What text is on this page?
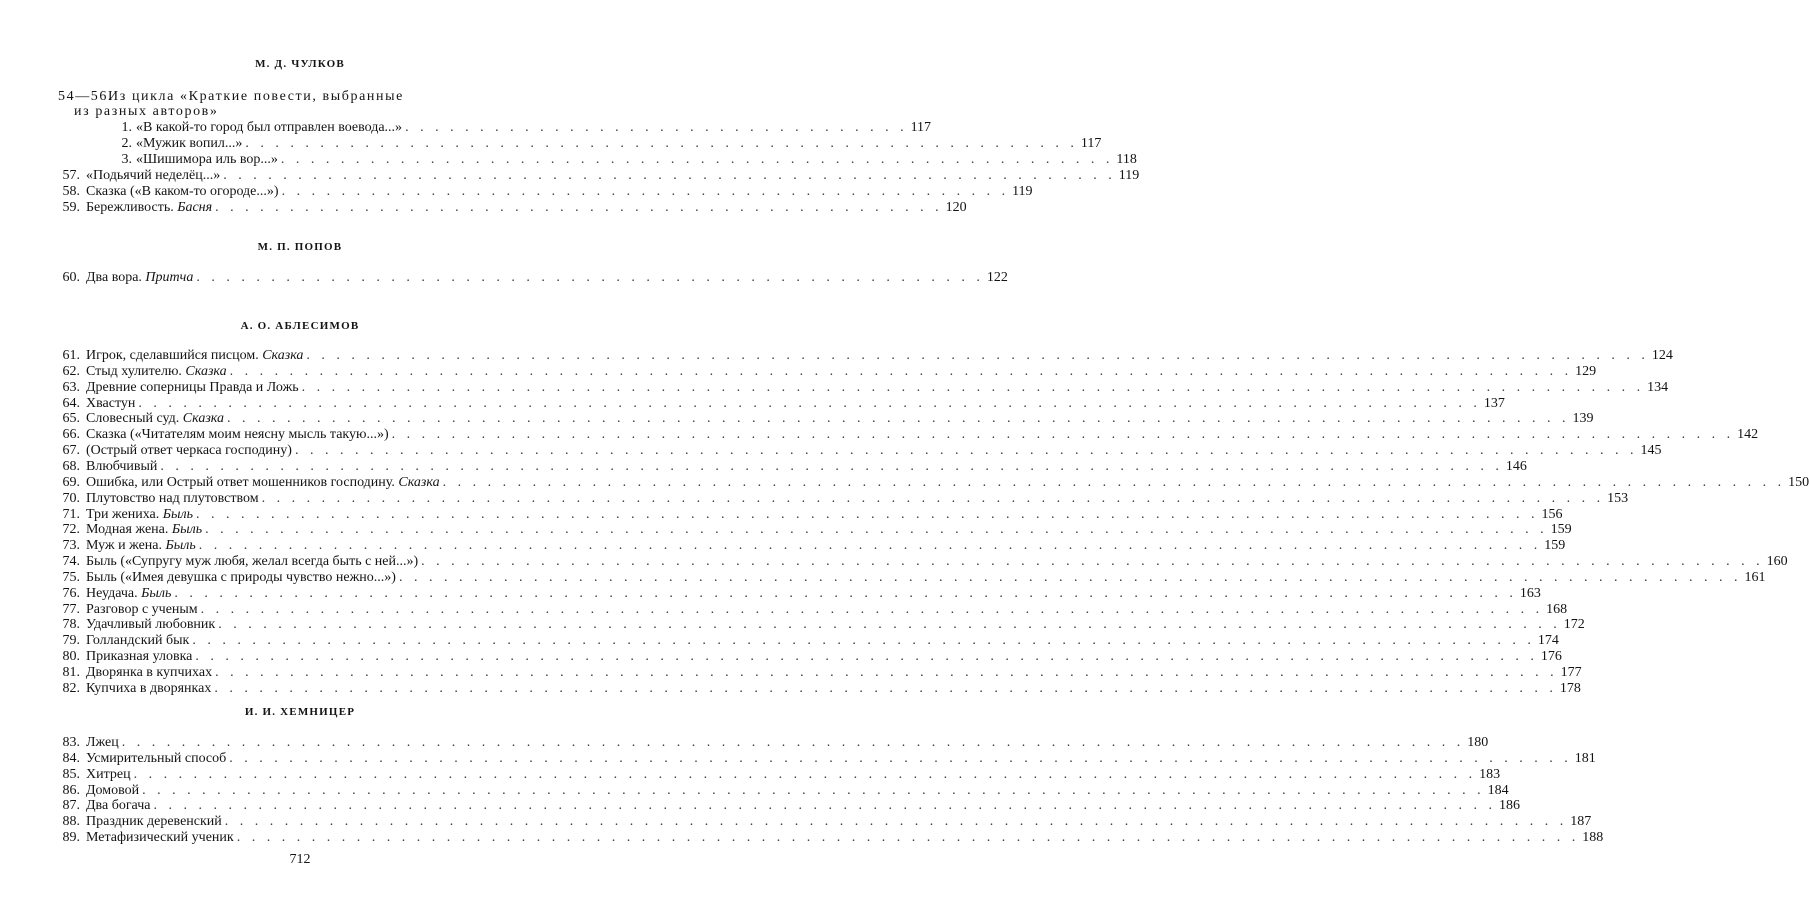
М. Д. ЧУЛКОВ
54—56.
Из цикла «Краткие повести, выбранные
из разных авторов»
1. «В какой-то город был отправлен воевода...» . . . . . . . . . . . . . . . . . . . . . . . . . . . . . . . . . . 117
2. «Мужик вопил...» . . . . . . . . . . . . . . . . . . . . . . . . . . . . . . . . . . . . . . . . . . . . . . . . . . . . . . . . 117
3. «Шишимора иль вор...» . . . . . . . . . . . . . . . . . . . . . . . . . . . . . . . . . . . . . . . . . . . . . . . . . . . . . . . . 118
57. «Подьячий неделёц...» . . . . . . . . . . . . . . . . . . . . . . . . . . . . . . . . . . . . . . . . . . . . . . . . . . . . . . . . . . . . 119
58. Сказка («В каком-то огороде...») . . . . . . . . . . . . . . . . . . . . . . . . . . . . . . . . . . . . . . . . . . . . . . . . . 119
59. Бережливость. Басня . . . . . . . . . . . . . . . . . . . . . . . . . . . . . . . . . . . . . . . . . . . . . . . . . 120
М. П. ПОПОВ
60. Два вора. Притча . . . . . . . . . . . . . . . . . . . . . . . . . . . . . . . . . . . . . . . . . . . . . . . . . . . . . 122
А. О. АБЛЕСИМОВ
61. Игрок, сделавшийся писцом. Сказка . . . . . . . . . . . . . . . . . . . . . . . . . . . . . . . . . . . . . . . . . . . . . . . . . . . . . . . . . . . . . . . . . . . . . . . . . . . . . . . . . . . . . . . . . . 124
62. Стыд хулителю. Сказка . . . . . . . . . . . . . . . . . . . . . . . . . . . . . . . . . . . . . . . . . . . . . . . . . . . . . . . . . . . . . . . . . . . . . . . . . . . . . . . . . . . . . . . . . . 129
63. Древние соперницы Правда и Ложь . . . . . . . . . . . . . . . . . . . . . . . . . . . . . . . . . . . . . . . . . . . . . . . . . . . . . . . . . . . . . . . . . . . . . . . . . . . . . . . . . . . . . . . . . . 134
64. Хвастун . . . . . . . . . . . . . . . . . . . . . . . . . . . . . . . . . . . . . . . . . . . . . . . . . . . . . . . . . . . . . . . . . . . . . . . . . . . . . . . . . . . . . . . . . . 137
65. Словесный суд. Сказка . . . . . . . . . . . . . . . . . . . . . . . . . . . . . . . . . . . . . . . . . . . . . . . . . . . . . . . . . . . . . . . . . . . . . . . . . . . . . . . . . . . . . . . . . . 139
66. Сказка («Читателям моим неясну мысль такую...») . . . . . . . . . . . . . . . . . . . . . . . . . . . . . . . . . . . . . . . . . . . . . . . . . . . . . . . . . . . . . . . . . . . . . . . . . . . . . . . . . . . . . . . . . . 142
67. (Острый ответ черкаса господину) . . . . . . . . . . . . . . . . . . . . . . . . . . . . . . . . . . . . . . . . . . . . . . . . . . . . . . . . . . . . . . . . . . . . . . . . . . . . . . . . . . . . . . . . . . 145
68. Влюбчивый . . . . . . . . . . . . . . . . . . . . . . . . . . . . . . . . . . . . . . . . . . . . . . . . . . . . . . . . . . . . . . . . . . . . . . . . . . . . . . . . . . . . . . . . . . 146
69. Ошибка, или Острый ответ мошенников господину. Сказка . . . . . . . . . . . . . . . . . . . . . . . . . . . . . . . . . . . . . . . . . . . . . . . . . . . . . . . . . . . . . . . . . . . . . . . . . . . . . . . . . . . . . . . . . . 150
70. Плутовство над плутовством . . . . . . . . . . . . . . . . . . . . . . . . . . . . . . . . . . . . . . . . . . . . . . . . . . . . . . . . . . . . . . . . . . . . . . . . . . . . . . . . . . . . . . . . . . 153
71. Три жениха. Быль . . . . . . . . . . . . . . . . . . . . . . . . . . . . . . . . . . . . . . . . . . . . . . . . . . . . . . . . . . . . . . . . . . . . . . . . . . . . . . . . . . . . . . . . . . 156
72. Модная жена. Быль . . . . . . . . . . . . . . . . . . . . . . . . . . . . . . . . . . . . . . . . . . . . . . . . . . . . . . . . . . . . . . . . . . . . . . . . . . . . . . . . . . . . . . . . . . 159
73. Муж и жена. Быль . . . . . . . . . . . . . . . . . . . . . . . . . . . . . . . . . . . . . . . . . . . . . . . . . . . . . . . . . . . . . . . . . . . . . . . . . . . . . . . . . . . . . . . . . . 159
74. Быль («Супругу муж любя, желал всегда быть с ней...») . . . . . . . . . . . . . . . . . . . . . . . . . . . . . . . . . . . . . . . . . . . . . . . . . . . . . . . . . . . . . . . . . . . . . . . . . . . . . . . . . . . . . . . . . . 160
75. Быль («Имея девушка с природы чувство нежно...») . . . . . . . . . . . . . . . . . . . . . . . . . . . . . . . . . . . . . . . . . . . . . . . . . . . . . . . . . . . . . . . . . . . . . . . . . . . . . . . . . . . . . . . . . . 161
76. Неудача. Быль . . . . . . . . . . . . . . . . . . . . . . . . . . . . . . . . . . . . . . . . . . . . . . . . . . . . . . . . . . . . . . . . . . . . . . . . . . . . . . . . . . . . . . . . . . 163
77. Разговор с ученым . . . . . . . . . . . . . . . . . . . . . . . . . . . . . . . . . . . . . . . . . . . . . . . . . . . . . . . . . . . . . . . . . . . . . . . . . . . . . . . . . . . . . . . . . . 168
78. Удачливый любовник . . . . . . . . . . . . . . . . . . . . . . . . . . . . . . . . . . . . . . . . . . . . . . . . . . . . . . . . . . . . . . . . . . . . . . . . . . . . . . . . . . . . . . . . . . 172
79. Голландский бык . . . . . . . . . . . . . . . . . . . . . . . . . . . . . . . . . . . . . . . . . . . . . . . . . . . . . . . . . . . . . . . . . . . . . . . . . . . . . . . . . . . . . . . . . . 174
80. Приказная уловка . . . . . . . . . . . . . . . . . . . . . . . . . . . . . . . . . . . . . . . . . . . . . . . . . . . . . . . . . . . . . . . . . . . . . . . . . . . . . . . . . . . . . . . . . . 176
81. Дворянка в купчихах . . . . . . . . . . . . . . . . . . . . . . . . . . . . . . . . . . . . . . . . . . . . . . . . . . . . . . . . . . . . . . . . . . . . . . . . . . . . . . . . . . . . . . . . . . 177
82. Купчиха в дворянках . . . . . . . . . . . . . . . . . . . . . . . . . . . . . . . . . . . . . . . . . . . . . . . . . . . . . . . . . . . . . . . . . . . . . . . . . . . . . . . . . . . . . . . . . . 178
И. И. ХЕМНИЦЕР
83. Лжец . . . . . . . . . . . . . . . . . . . . . . . . . . . . . . . . . . . . . . . . . . . . . . . . . . . . . . . . . . . . . . . . . . . . . . . . . . . . . . . . . . . . . . . . . . 180
84. Усмирительный способ . . . . . . . . . . . . . . . . . . . . . . . . . . . . . . . . . . . . . . . . . . . . . . . . . . . . . . . . . . . . . . . . . . . . . . . . . . . . . . . . . . . . . . . . . . 181
85. Хитрец . . . . . . . . . . . . . . . . . . . . . . . . . . . . . . . . . . . . . . . . . . . . . . . . . . . . . . . . . . . . . . . . . . . . . . . . . . . . . . . . . . . . . . . . . . 183
86. Домовой . . . . . . . . . . . . . . . . . . . . . . . . . . . . . . . . . . . . . . . . . . . . . . . . . . . . . . . . . . . . . . . . . . . . . . . . . . . . . . . . . . . . . . . . . . 184
87. Два богача . . . . . . . . . . . . . . . . . . . . . . . . . . . . . . . . . . . . . . . . . . . . . . . . . . . . . . . . . . . . . . . . . . . . . . . . . . . . . . . . . . . . . . . . . . 186
88. Праздник деревенский . . . . . . . . . . . . . . . . . . . . . . . . . . . . . . . . . . . . . . . . . . . . . . . . . . . . . . . . . . . . . . . . . . . . . . . . . . . . . . . . . . . . . . . . . . 187
89. Метафизический ученик . . . . . . . . . . . . . . . . . . . . . . . . . . . . . . . . . . . . . . . . . . . . . . . . . . . . . . . . . . . . . . . . . . . . . . . . . . . . . . . . . . . . . . . . . . 188
712
